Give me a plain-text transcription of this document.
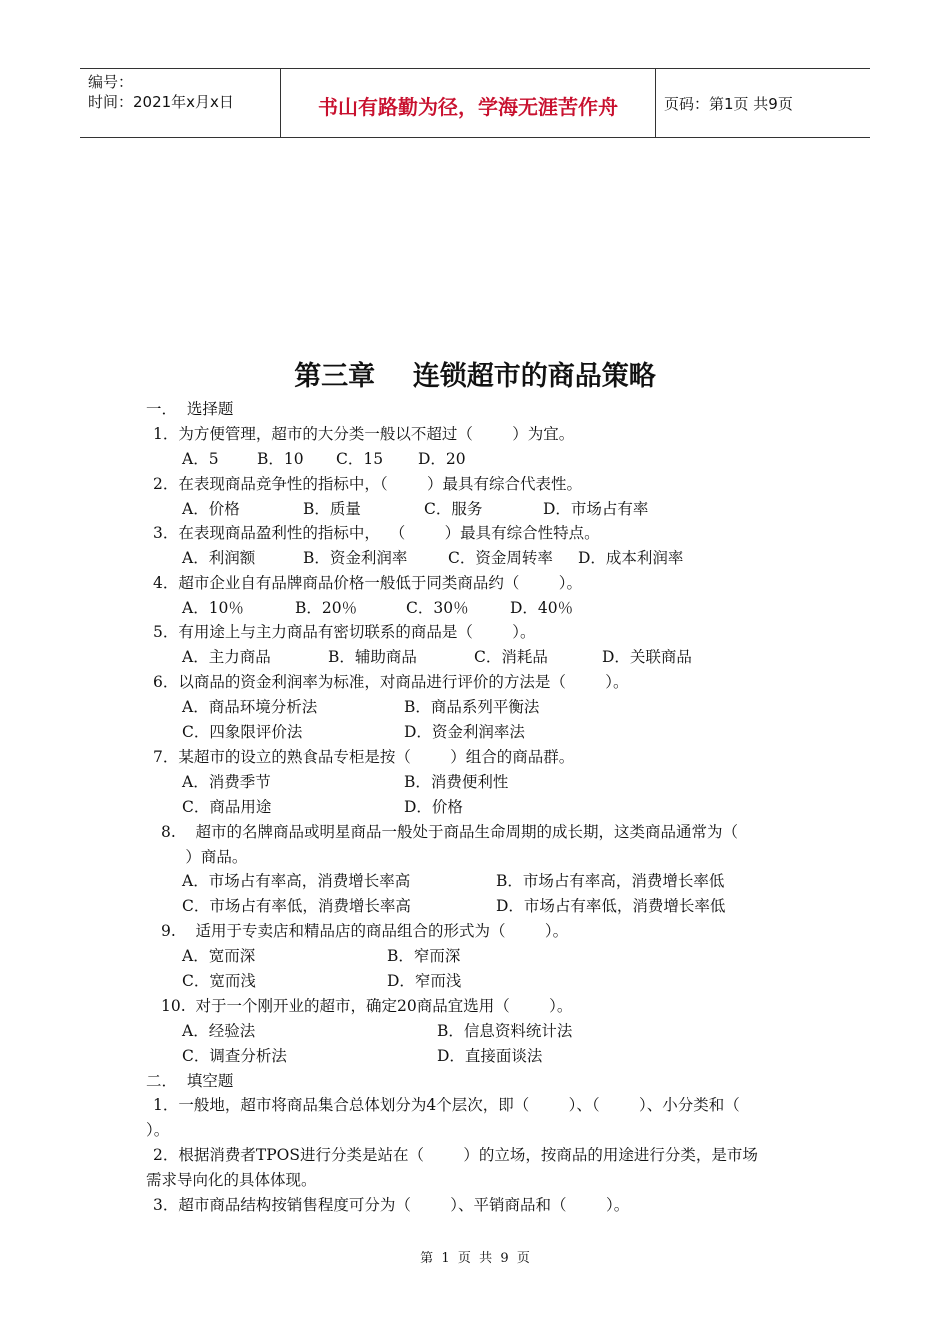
编号：
时间：2021年x月x日	书山有路勤为径，学海无涯苦作舟	页码：第1页 共9页
第三章    连锁超市的商品策略
一．  选择题
1．为方便管理，超市的大分类一般以不超过（        ）为宜。
A．5 B．10 C．15 D．20
2．在表现商品竞争性的指标中，（        ）最具有综合代表性。
A．价格	B．质量	C．服务	D．市场占有率
3．在表现商品盈利性的指标中，  （        ）最具有综合性特点。
A．利润额	B．资金利润率	C．资金周转率 D．成本利润率
4．超市企业自有品牌商品价格一般低于同类商品约（        ）。
A．10％	B．20％	C．30％	D．40％
5．有用途上与主力商品有密切联系的商品是（        ）。
A．主力商品	B．辅助商品	C．消耗品	D．关联商品
6．以商品的资金利润率为标准，对商品进行评价的方法是（        ）。
A．商品环境分析法	B．商品系列平衡法
C．四象限评价法	D．资金利润率法
7．某超市的设立的熟食品专柜是按（        ）组合的商品群。
A．消费季节	B．消费便利性
C．商品用途	D．价格
8.    超市的名牌商品或明星商品一般处于商品生命周期的成长期，这类商品通常为（
）商品。
A．市场占有率高，消费增长率高	B．市场占有率高，消费增长率低
C．市场占有率低，消费增长率高	D．市场占有率低，消费增长率低
9.    适用于专卖店和精品店的商品组合的形式为（        ）。
A．宽而深	B．窄而深
C．宽而浅	D．窄而浅
10.  对于一个刚开业的超市，确定20商品宜选用（        ）。
A．经验法	B．信息资料统计法
C．调查分析法	D．直接面谈法
二．  填空题
1．一般地，超市将商品集合总体划分为4个层次，即（        ）、（        ）、小分类和（
）。
2．根据消费者TPOS进行分类是站在（        ）的立场，按商品的用途进行分类，是市场
需求导向化的具体体现。
3．超市商品结构按销售程度可分为（        ）、平销商品和（        ）。
第  1  页  共  9  页
